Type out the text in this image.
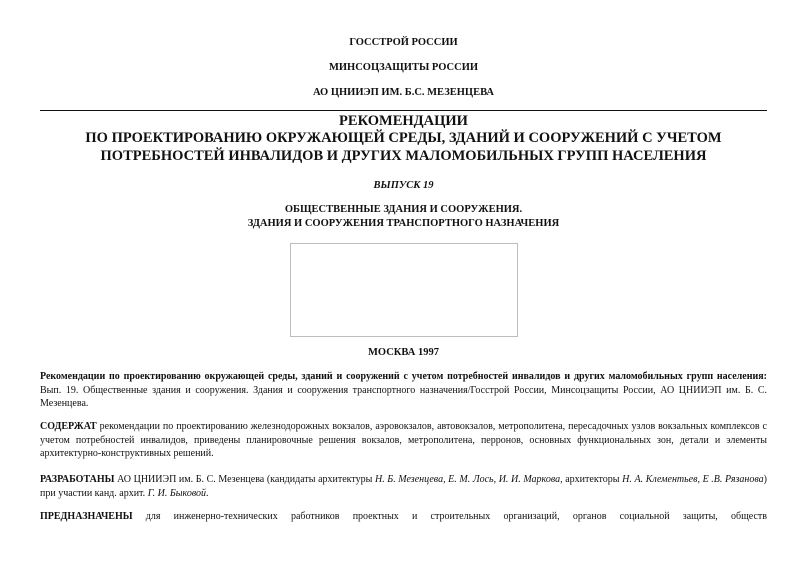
ГОССТРОЙ РОССИИ
МИНСОЦЗАЩИТЫ РОССИИ
АО ЦНИИЭП ИМ. Б.С. МЕЗЕНЦЕВА
РЕКОМЕНДАЦИИ
ПО ПРОЕКТИРОВАНИЮ ОКРУЖАЮЩЕЙ СРЕДЫ, ЗДАНИЙ И СООРУЖЕНИЙ С УЧЕТОМ
ПОТРЕБНОСТЕЙ ИНВАЛИДОВ И ДРУГИХ МАЛОМОБИЛЬНЫХ ГРУПП НАСЕЛЕНИЯ
ВЫПУСК 19
ОБЩЕСТВЕННЫЕ ЗДАНИЯ И СООРУЖЕНИЯ.
ЗДАНИЯ И СООРУЖЕНИЯ ТРАНСПОРТНОГО НАЗНАЧЕНИЯ
МОСКВА 1997

Рекомендации по проектированию окружающей среды, зданий и сооружений с учетом потребностей инвалидов и других маломобильных групп населения: Вып. 19. Общественные здания и сооружения. Здания и сооружения транспортного назначения/Госстрой России, Минсоцзащиты России, АО ЦНИИЭП им. Б. С. Мезенцева.

СОДЕРЖАТ рекомендации по проектированию железнодорожных вокзалов, аэровокзалов, автовокзалов, метрополитена, пересадочных узлов вокзальных комплексов с учетом потребностей инвалидов, приведены планировочные решения вокзалов, метрополитена, перронов, основных функциональных зон, детали и элементы архитектурно-конструктивных решений.

РАЗРАБОТАНЫ АО ЦНИИЭП им. Б. С. Мезенцева (кандидаты архитектуры Н. Б. Мезенцева, Е. М. Лось, И. И. Маркова, архитекторы Н. А. Клементьев, Е .В. Рязанова) при участии канд. архит. Г. И. Быковой.

ПРЕДНАЗНАЧЕНЫ для инженерно-технических работников проектных и строительных организаций, органов социальной защиты, обществ
